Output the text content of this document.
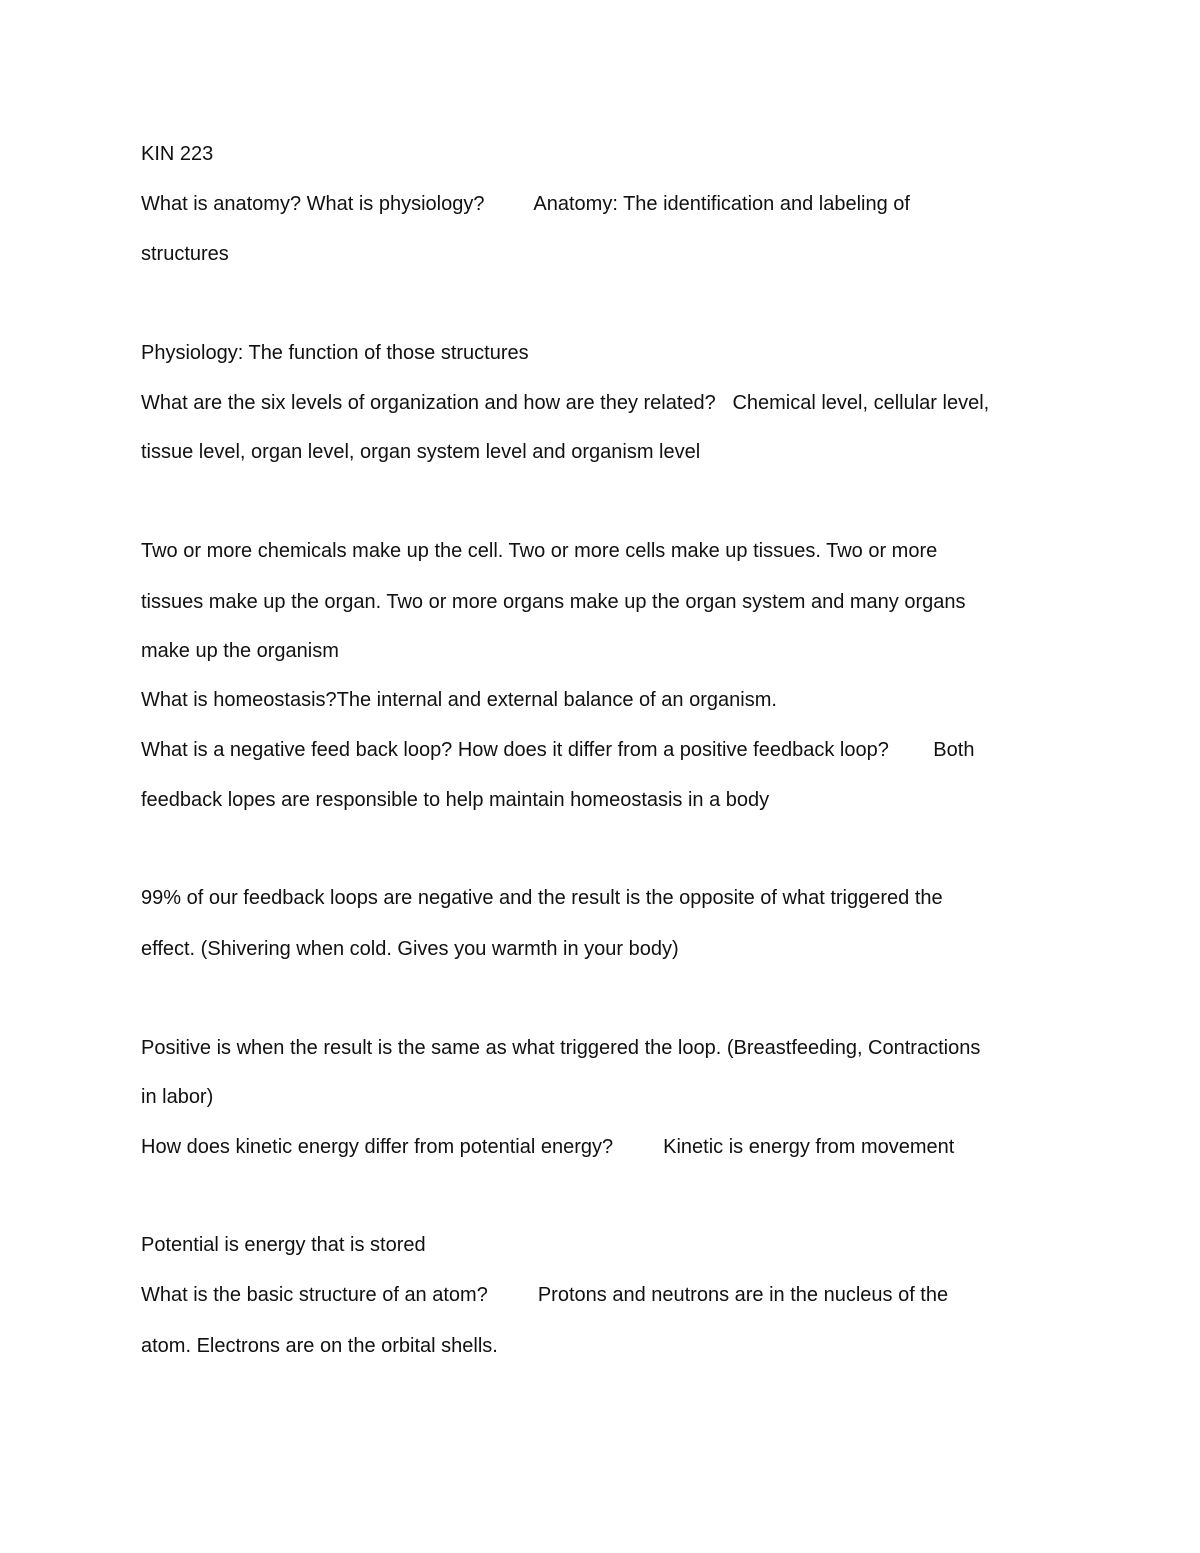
KIN 223
What is anatomy? What is physiology?         Anatomy: The identification and labeling of
structures
Physiology: The function of those structures
What are the six levels of organization and how are they related?   Chemical level, cellular level,
tissue level, organ level, organ system level and organism level
Two or more chemicals make up the cell. Two or more cells make up tissues. Two or more
tissues make up the organ. Two or more organs make up the organ system and many organs
make up the organism
What is homeostasis?The internal and external balance of an organism.
What is a negative feed back loop? How does it differ from a positive feedback loop?        Both
feedback lopes are responsible to help maintain homeostasis in a body
99% of our feedback loops are negative and the result is the opposite of what triggered the
effect. (Shivering when cold. Gives you warmth in your body)
Positive is when the result is the same as what triggered the loop. (Breastfeeding, Contractions
in labor)
How does kinetic energy differ from potential energy?         Kinetic is energy from movement
Potential is energy that is stored
What is the basic structure of an atom?         Protons and neutrons are in the nucleus of the
atom. Electrons are on the orbital shells.
